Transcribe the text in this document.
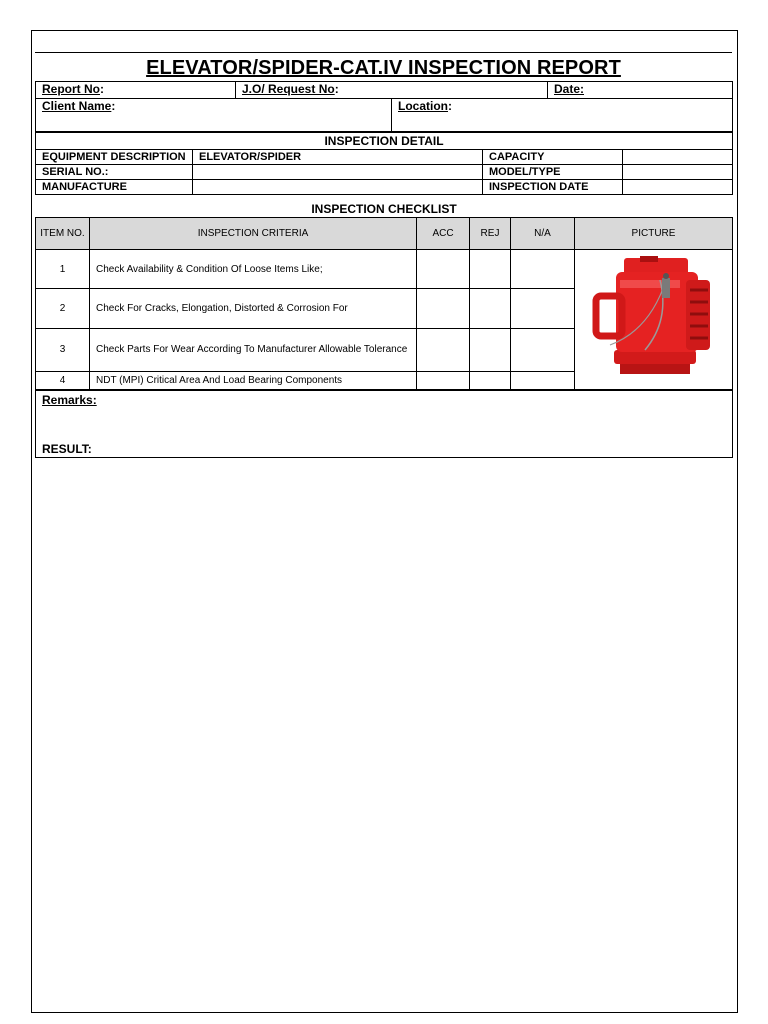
ELEVATOR/SPIDER-CAT.IV INSPECTION REPORT
Report No:	J.O/ Request No:		Date:
Client Name:		Location:	
INSPECTION DETAIL
EQUIPMENT DESCRIPTION	ELEVATOR/SPIDER	CAPACITY	
SERIAL NO.:		MODEL/TYPE	
MANUFACTURE		INSPECTION DATE	
INSPECTION CHECKLIST
ITEM NO.	INSPECTION CRITERIA	ACC	REJ	N/A	PICTURE
1	Check Availability & Condition Of Loose Items Like;				
2	Check For Cracks, Elongation, Distorted & Corrosion For				
3	Check Parts For Wear According To Manufacturer Allowable Tolerance				
4	NDT (MPI) Critical Area And Load Bearing Components				
Remarks:
RESULT:
